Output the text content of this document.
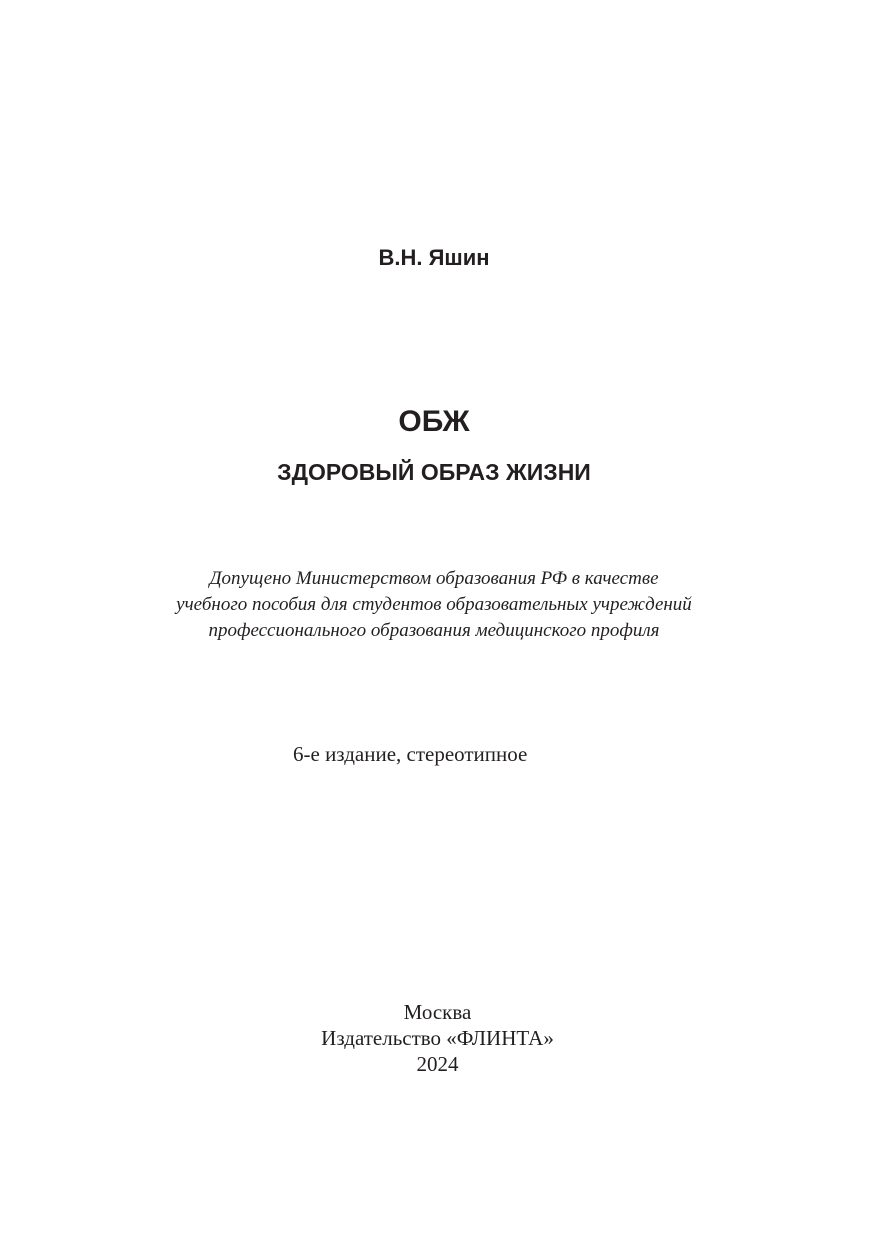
В.Н. Яшин
ОБЖ
ЗДОРОВЫЙ ОБРАЗ ЖИЗНИ
Допущено Министерством образования РФ в качестве
учебного пособия для студентов образовательных учреждений
профессионального образования медицинского профиля
6-е издание, стереотипное
Москва
Издательство «ФЛИНТА»
2024
